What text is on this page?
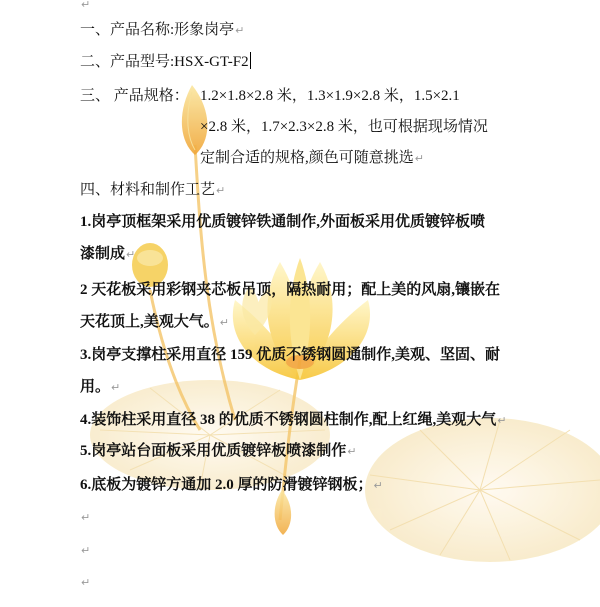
↵
一、产品名称:形象岗亭↵
二、产品型号:HSX-GT-F2
三、 产品规格： 1.2×1.8×2.8 米，1.3×1.9×2.8 米，1.5×2.1
×2.8 米，1.7×2.3×2.8 米，也可根据现场情况
定制合适的规格,颜色可随意挑选↵
四、材料和制作工艺↵
1.岗亭顶框架采用优质镀锌铁通制作,外面板采用优质镀锌板喷
漆制成↵
2 天花板采用彩钢夹芯板吊顶，隔热耐用；配上美的风扇,镶嵌在
天花顶上,美观大气。↵
3.岗亭支撑柱采用直径 159 优质不锈钢圆通制作,美观、坚固、耐
用。↵
4.装饰柱采用直径 38 的优质不锈钢圆柱制作,配上红绳,美观大气↵
5.岗亭站台面板采用优质镀锌板喷漆制作↵
6.底板为镀锌方通加 2.0 厚的防滑镀锌钢板；↵
↵
↵
↵
